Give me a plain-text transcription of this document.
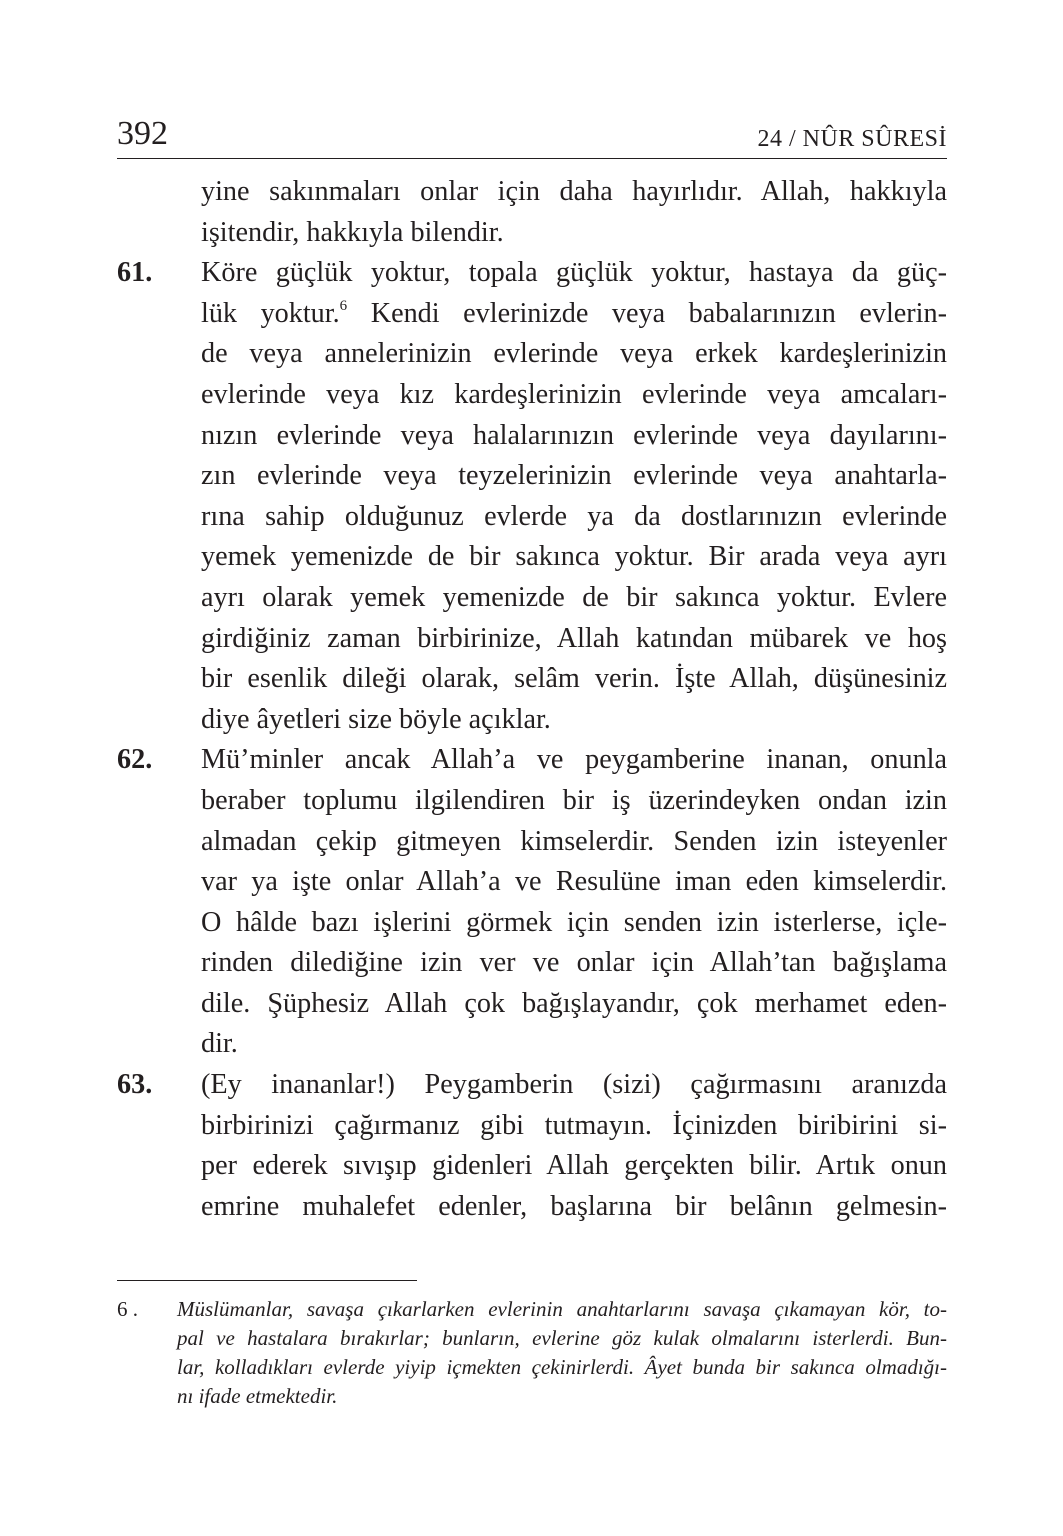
392	24 / NÛR SÛRESİ
yine sakınmaları onlar için daha hayırlıdır. Allah, hakkıyla
işitendir, hakkıyla bilendir.
61. Köre güçlük yoktur, topala güçlük yoktur, hastaya da güç-
lük yoktur.$^6$ Kendi evlerinizde veya babalarınızın evlerin-
de veya annelerinizin evlerinde veya erkek kardeşlerinizin
evlerinde veya kız kardeşlerinizin evlerinde veya amcaları-
nızın evlerinde veya halalarınızın evlerinde veya dayılarını-
zın evlerinde veya teyzelerinizin evlerinde veya anahtarla-
rına sahip olduğunuz evlerde ya da dostlarınızın evlerinde
yemek yemenizde de bir sakınca yoktur. Bir arada veya ayrı
ayrı olarak yemek yemenizde de bir sakınca yoktur. Evlere
girdiğiniz zaman birbirinize, Allah katından mübarek ve hoş
bir esenlik dileği olarak, selâm verin. İşte Allah, düşünesiniz
diye âyetleri size böyle açıklar.
62. Mü’minler ancak Allah’a ve peygamberine inanan, onunla
beraber toplumu ilgilendiren bir iş üzerindeyken ondan izin
almadan çekip gitmeyen kimselerdir. Senden izin isteyenler
var ya işte onlar Allah’a ve Resulüne iman eden kimselerdir.
O hâlde bazı işlerini görmek için senden izin isterlerse, içle-
rinden dilediğine izin ver ve onlar için Allah’tan bağışlama
dile. Şüphesiz Allah çok bağışlayandır, çok merhamet eden-
dir.
63. (Ey inananlar!) Peygamberin (sizi) çağırmasını aranızda
birbirinizi çağırmanız gibi tutmayın. İçinizden biribirini si-
per ederek sıvışıp gidenleri Allah gerçekten bilir. Artık onun
emrine muhalefet edenler, başlarına bir belânın gelmesin-
6 . Müslümanlar, savaşa çıkarlarken evlerinin anahtarlarını savaşa çıkamayan kör, to-
pal ve hastalara bırakırlar; bunların, evlerine göz kulak olmalarını isterlerdi. Bun-
lar, kolladıkları evlerde yiyip içmekten çekinirlerdi. Âyet bunda bir sakınca olmadığı-
nı ifade etmektedir.
